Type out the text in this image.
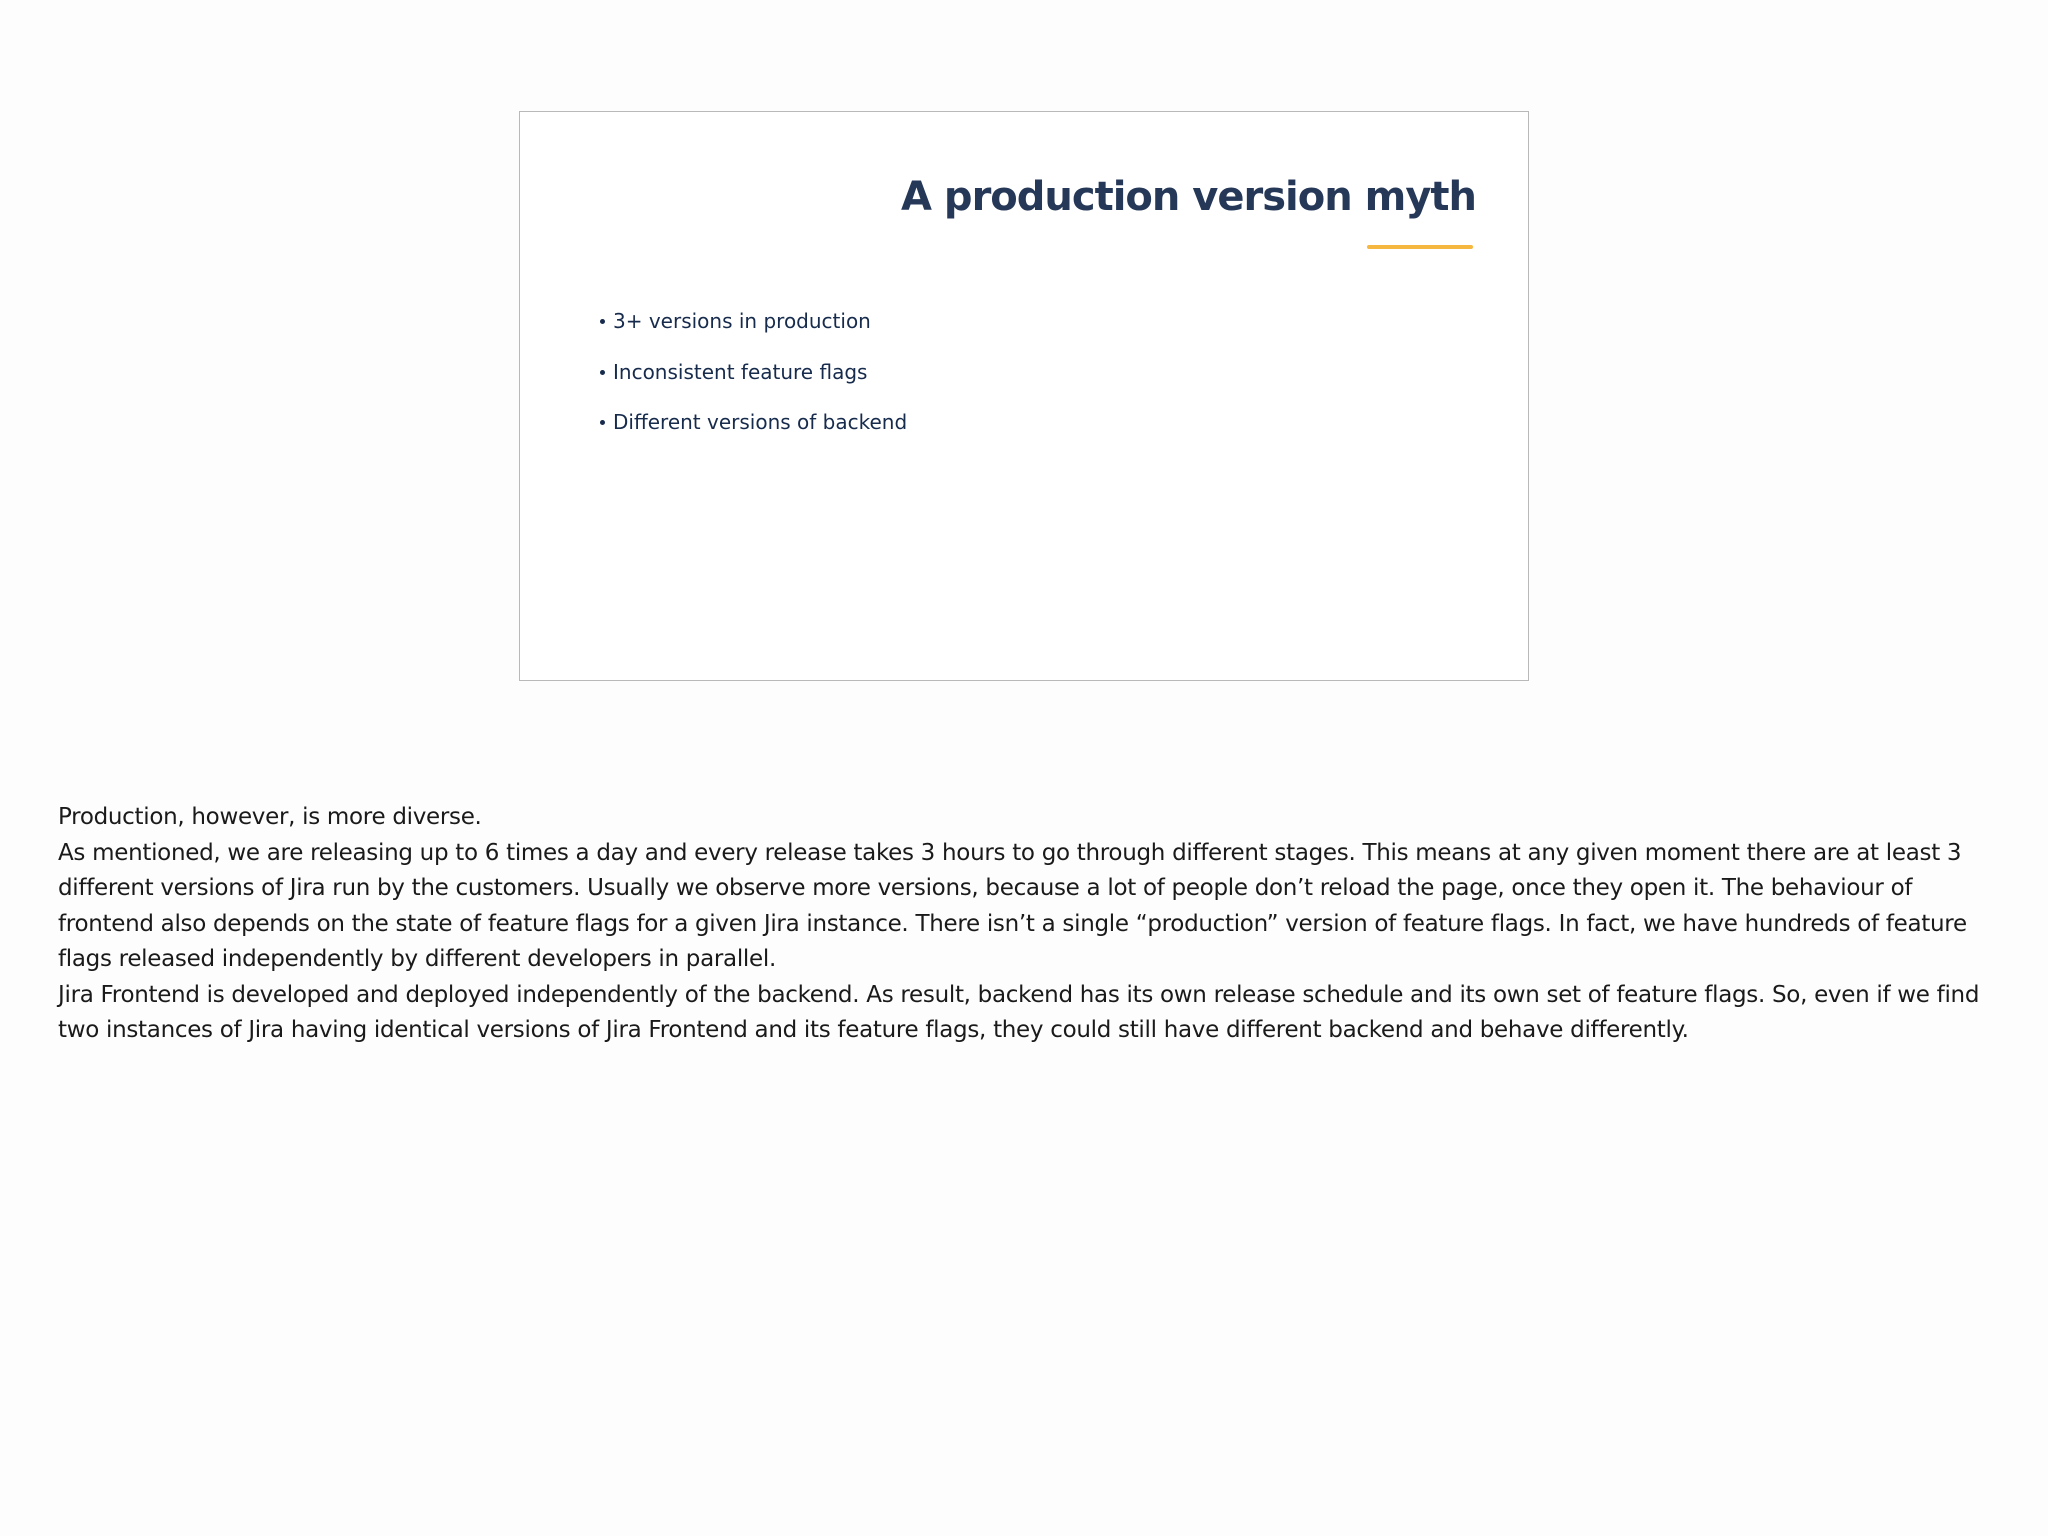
A production version myth
3+ versions in production
Inconsistent feature flags
Different versions of backend

Production, however, is more diverse.

As mentioned, we are releasing up to 6 times a day and every release takes 3 hours to go through different stages. This means at any given moment there are at least 3 different versions of Jira run by the customers. Usually we observe more versions, because a lot of people don’t reload the page, once they open it. The behaviour of frontend also depends on the state of feature flags for a given Jira instance. There isn’t a single “production” version of feature flags. In fact, we have hundreds of feature flags released independently by different developers in parallel.

Jira Frontend is developed and deployed independently of the backend. As result, backend has its own release schedule and its own set of feature flags. So, even if we find two instances of Jira having identical versions of Jira Frontend and its feature flags, they could still have different backend and behave differently.
